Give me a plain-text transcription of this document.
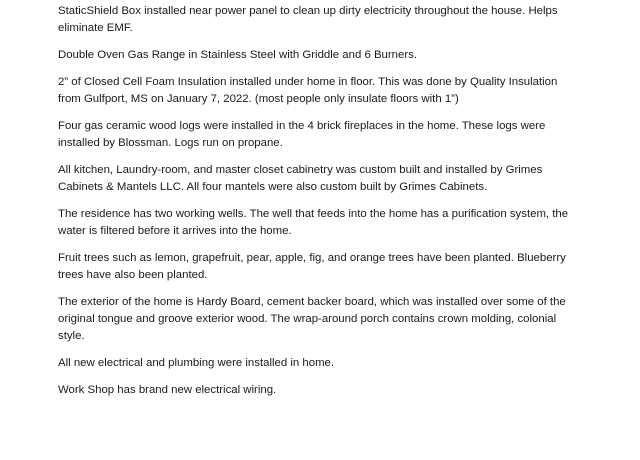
StaticShield Box installed near power panel to clean up dirty electricity throughout the house. Helps
eliminate EMF.

Double Oven Gas Range in Stainless Steel with Griddle and 6 Burners.

2” of Closed Cell Foam Insulation installed under home in floor. This was done by Quality Insulation
from Gulfport, MS on January 7, 2022. (most people only insulate floors with 1”)

Four gas ceramic wood logs were installed in the 4 brick fireplaces in the home. These logs were
installed by Blossman. Logs run on propane.

All kitchen, Laundry-room, and master closet cabinetry was custom built and installed by Grimes
Cabinets & Mantels LLC. All four mantels were also custom built by Grimes Cabinets.

The residence has two working wells. The well that feeds into the home has a purification system, the
water is filtered before it arrives into the home.

Fruit trees such as lemon, grapefruit, pear, apple, fig, and orange trees have been planted. Blueberry
trees have also been planted.

The exterior of the home is Hardy Board, cement backer board, which was installed over some of the
original tongue and groove exterior wood. The wrap-around porch contains crown molding, colonial
style.

All new electrical and plumbing were installed in home.

Work Shop has brand new electrical wiring.
